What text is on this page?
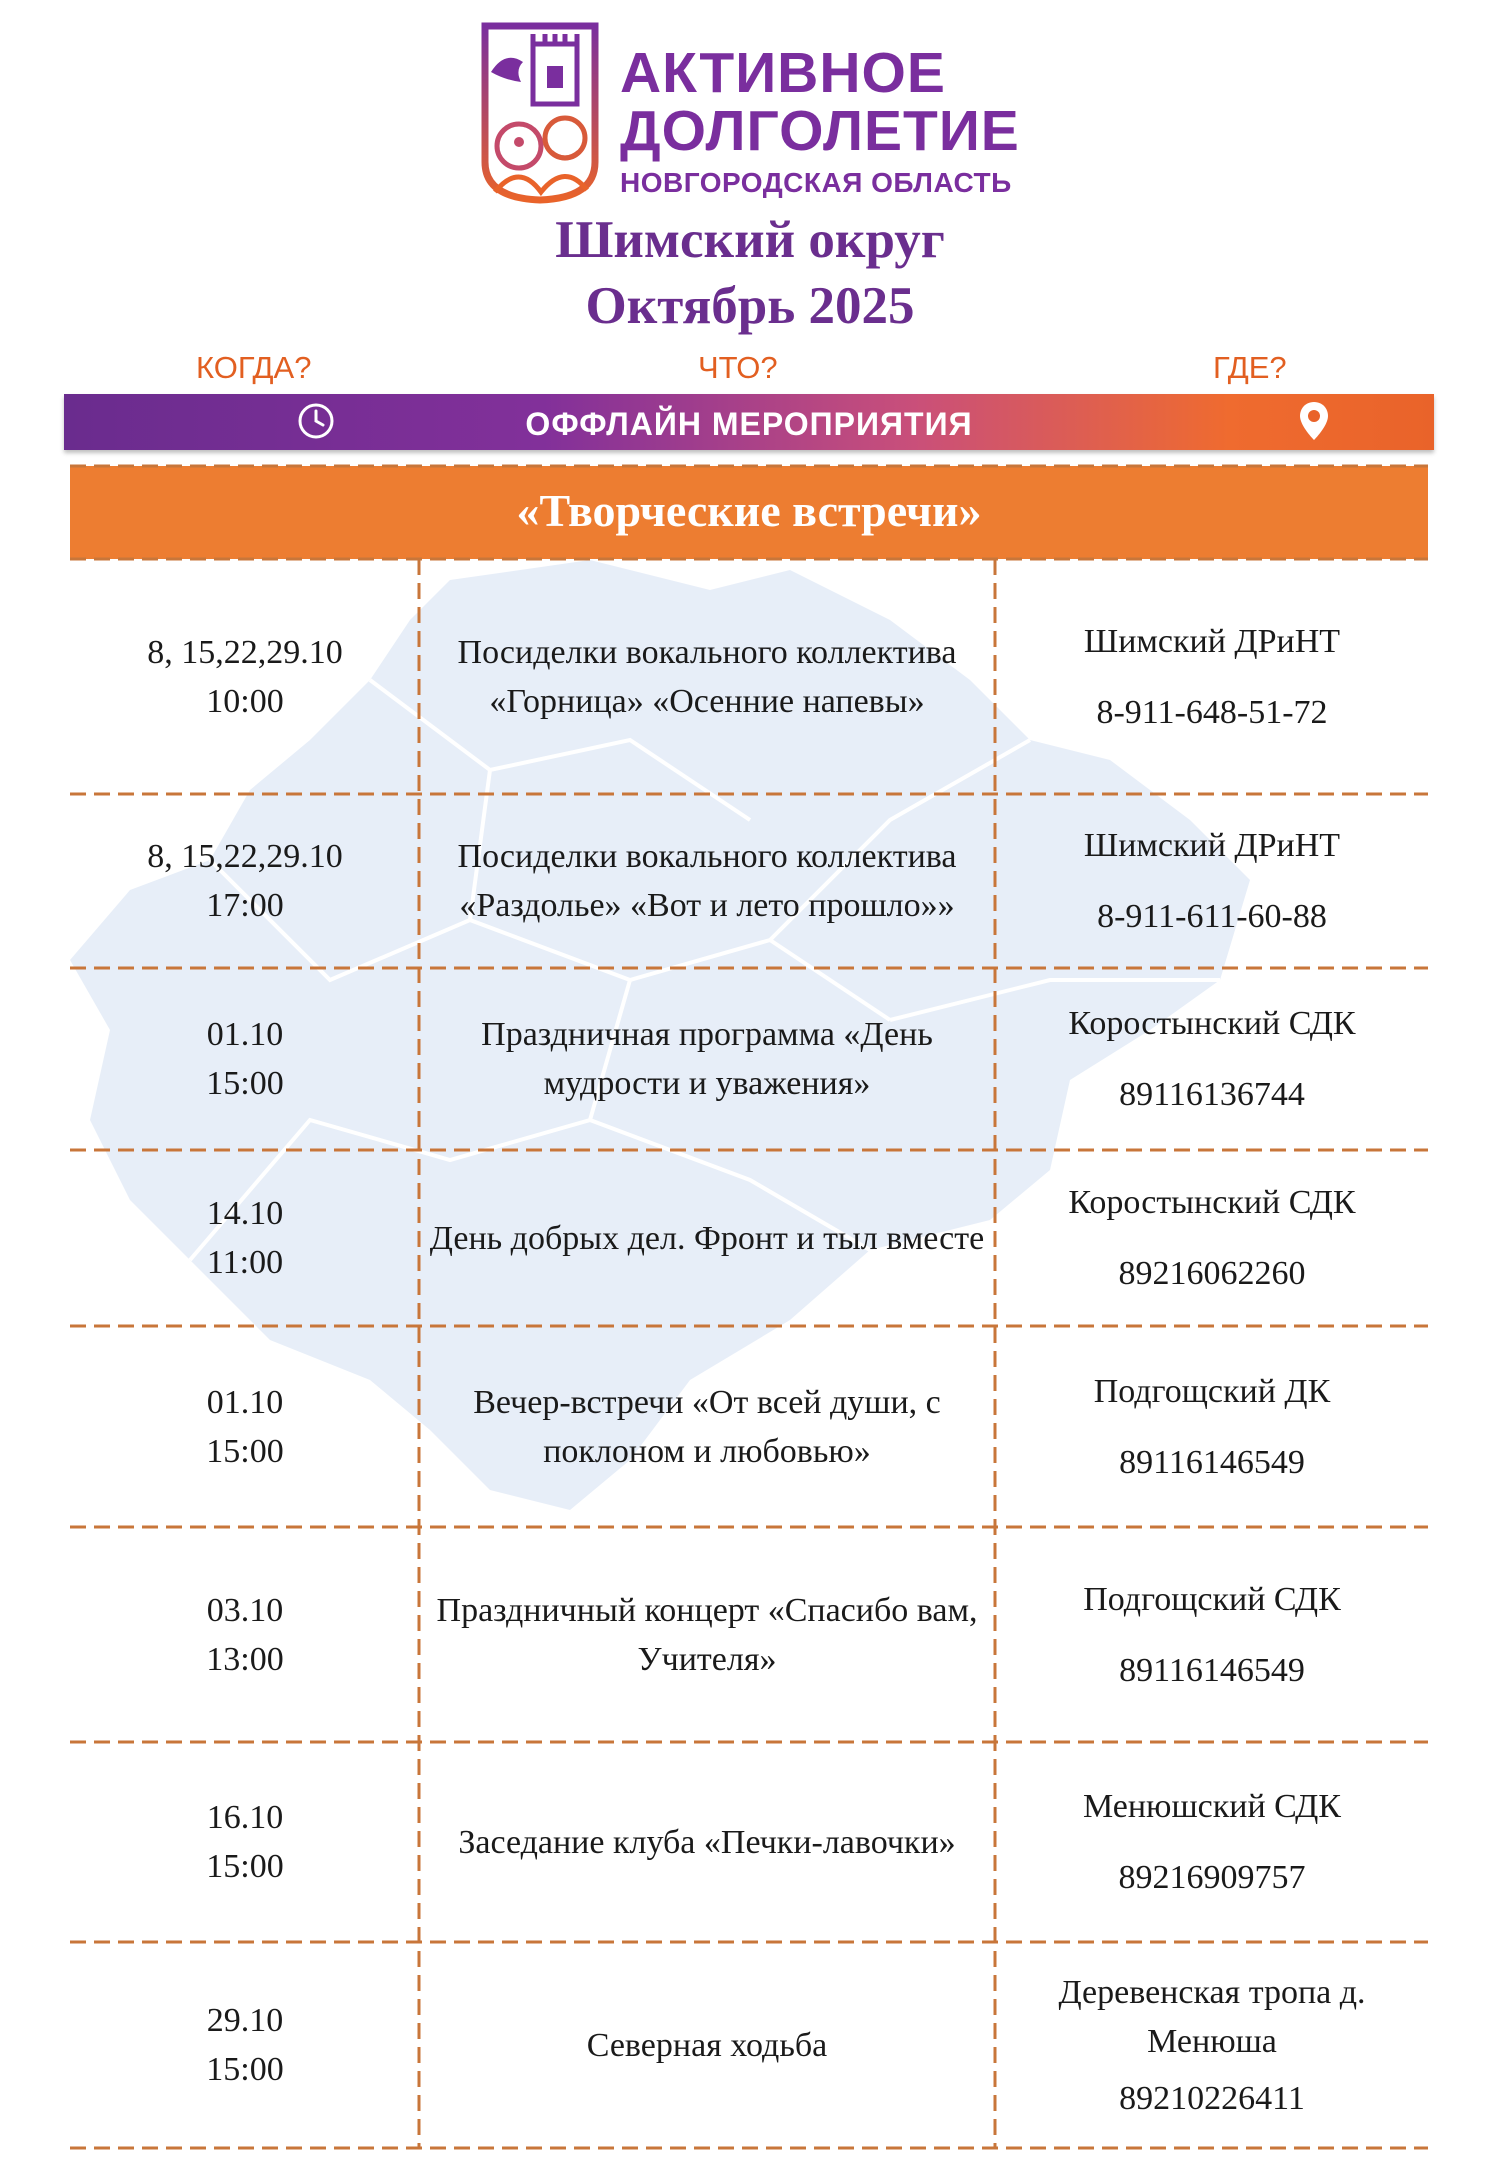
АКТИВНОЕ
ДОЛГОЛЕТИЕ
НОВГОРОДСКАЯ ОБЛАСТЬ
Шимский округ
Октябрь 2025
КОГДА?	ЧТО?	ГДЕ?
ОФФЛАЙН МЕРОПРИЯТИЯ
«Творческие встречи»
8, 15,22,29.10
10:00
Посиделки вокального коллектива «Горница» «Осенние напевы»
Шимский ДРиНТ
8-911-648-51-72
8, 15,22,29.10
17:00
Посиделки вокального коллектива «Раздолье» «Вот и лето прошло»»
Шимский ДРиНТ
8-911-611-60-88
01.10
15:00
Праздничная программа «День мудрости и уважения»
Коростынский СДК
89116136744
14.10
11:00
День добрых дел. Фронт и тыл вместе
Коростынский СДК
89216062260
01.10
15:00
Вечер-встречи «От всей души, с поклоном и любовью»
Подгощский ДК
89116146549
03.10
13:00
Праздничный концерт «Спасибо вам, Учителя»
Подгощский СДК
89116146549
16.10
15:00
Заседание клуба «Печки-лавочки»
Менюшский СДК
89216909757
29.10
15:00
Северная ходьба
Деревенская тропа д. Менюша
89210226411
